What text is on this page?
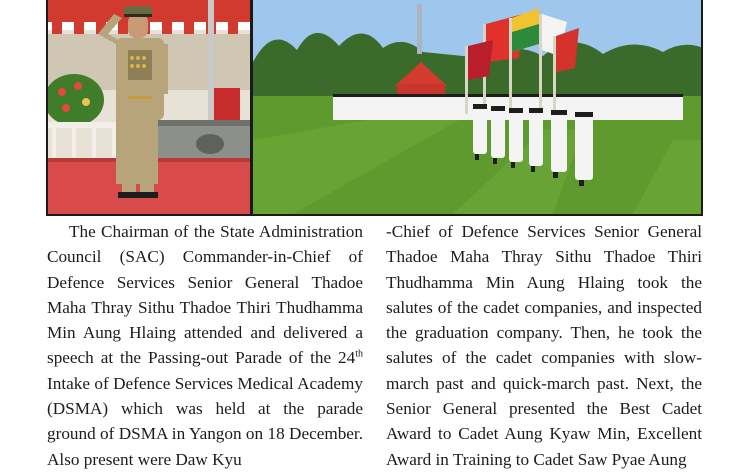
The Chairman of the State Administration Council (SAC) Commander-in-Chief of Defence Services Senior General Thadoe Maha Thray Sithu Thadoe Thiri Thudhamma Min Aung Hlaing attended and delivered a speech at the Passing-out Parade of the 24th Intake of Defence Services Medical Academy (DSMA) which was held at the parade ground of DSMA in Yangon on 18 December. Also present were Daw Kyu
-Chief of Defence Services Senior General Thadoe Maha Thray Sithu Thadoe Thiri Thudhamma Min Aung Hlaing took the salutes of the cadet companies, and inspected the graduation company. Then, he took the salutes of the cadet companies with slow-march past and quick-march past. Next, the Senior General presented the Best Cadet Award to Cadet Aung Kyaw Min, Excellent Award in Training to Cadet Saw Pyae Aung
